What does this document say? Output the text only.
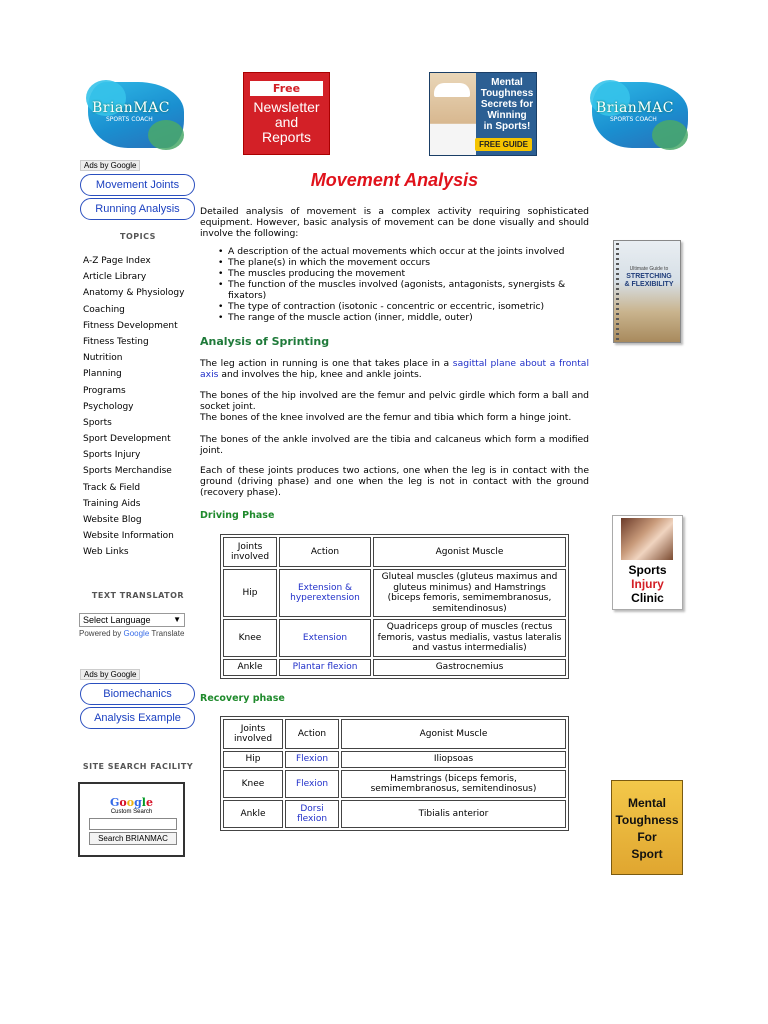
BrianMAC
SPORTS COACH
Free
Newsletter
and
Reports
Mental
Toughness
Secrets for
Winning
in Sports!
FREE GUIDE
BrianMAC
SPORTS COACH
Ads by Google
Movement Joints
Running Analysis
TOPICS
A-Z Page Index
Article Library
Anatomy & Physiology
Coaching
Fitness Development
Fitness Testing
Nutrition
Planning
Programs
Psychology
Sports
Sport Development
Sports Injury
Sports Merchandise
Track & Field
Training Aids
Website Blog
Website Information
Web Links
TEXT TRANSLATOR
Select Language	▼
Powered by Google Translate
Ads by Google
Biomechanics
Analysis Example
SITE SEARCH FACILITY
Google
Custom Search
Search BRIANMAC
Movement Analysis

Detailed analysis of movement is a complex activity requiring sophisticated equipment. However, basic analysis of movement can be done visually and should involve the following:

• A description of the actual movements which occur at the joints involved
• The plane(s) in which the movement occurs
• The muscles producing the movement
• The function of the muscles involved (agonists, antagonists, synergists & fixators)
• The type of contraction (isotonic - concentric or eccentric, isometric)
• The range of the muscle action (inner, middle, outer)
Analysis of Sprinting

The leg action in running is one that takes place in a sagittal plane about a frontal axis and involves the hip, knee and ankle joints.

The bones of the hip involved are the femur and pelvic girdle which form a ball and socket joint.

The bones of the knee involved are the femur and tibia which form a hinge joint.

The bones of the ankle involved are the tibia and calcaneus which form a modified joint.

Each of these joints produces two actions, one when the leg is in contact with the ground (driving phase) and one when the leg is not in contact with the ground (recovery phase).

Driving Phase
Joints involved	Action	Agonist Muscle
Hip	Extension & hyperextension	Gluteal muscles (gluteus maximus and gluteus minimus) and Hamstrings (biceps femoris, semimembranosus, semitendinosus)
Knee	Extension	Quadriceps group of muscles (rectus femoris, vastus medialis, vastus lateralis and vastus intermedialis)
Ankle	Plantar flexion	Gastrocnemius
Recovery phase
Joints involved	Action	Agonist Muscle
Hip	Flexion	Iliopsoas
Knee	Flexion	Hamstrings (biceps femoris, semimembranosus, semitendinosus)
Ankle	Dorsi flexion	Tibialis anterior
Ultimate Guide to
STRETCHING
& FLEXIBILITY
Sports
Injury
Clinic
Mental
Toughness
For
Sport
